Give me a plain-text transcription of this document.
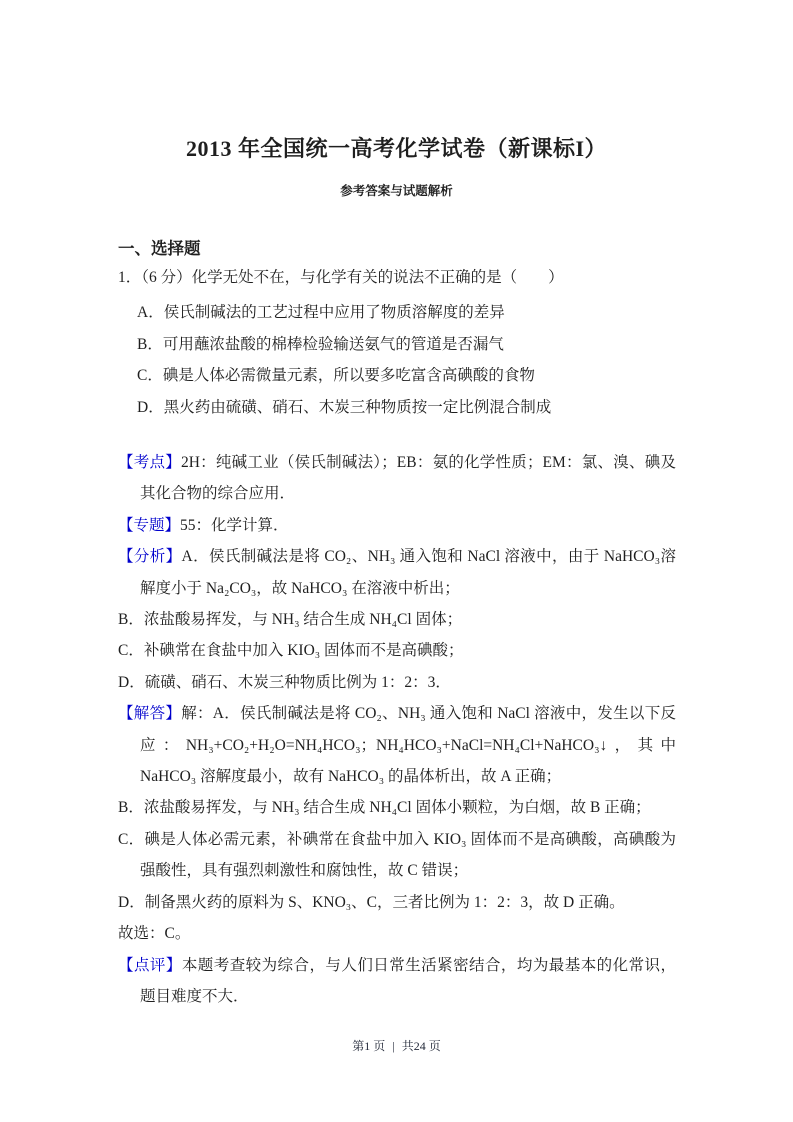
2013 年全国统一高考化学试卷（新课标I）
参考答案与试题解析
一、选择题

1．（6 分）化学无处不在，与化学有关的说法不正确的是（　　）

A．侯氏制碱法的工艺过程中应用了物质溶解度的差异

B．可用蘸浓盐酸的棉棒检验输送氨气的管道是否漏气

C．碘是人体必需微量元素，所以要多吃富含高碘酸的食物

D．黑火药由硫磺、硝石、木炭三种物质按一定比例混合制成

【考点】2H：纯碱工业（侯氏制碱法）；EB：氨的化学性质；EM：氯、溴、碘及其化合物的综合应用．

【专题】55：化学计算．

【分析】A．侯氏制碱法是将 CO₂、NH₃ 通入饱和 NaCl 溶液中，由于 NaHCO₃溶解度小于 Na₂CO₃，故 NaHCO₃ 在溶液中析出；

B．浓盐酸易挥发，与 NH₃ 结合生成 NH₄Cl 固体；

C．补碘常在食盐中加入 KIO₃ 固体而不是高碘酸；

D．硫磺、硝石、木炭三种物质比例为 1：2：3．

【解答】解：A．侯氏制碱法是将 CO₂、NH₃ 通入饱和 NaCl 溶液中，发生以下反应：NH₃+CO₂+H₂O=NH₄HCO₃；NH₄HCO₃+NaCl=NH₄Cl+NaHCO₃↓，其中 NaHCO₃ 溶解度最小，故有 NaHCO₃ 的晶体析出，故 A 正确；

B．浓盐酸易挥发，与 NH₃ 结合生成 NH₄Cl 固体小颗粒，为白烟，故 B 正确；

C．碘是人体必需元素，补碘常在食盐中加入 KIO₃ 固体而不是高碘酸，高碘酸为强酸性，具有强烈刺激性和腐蚀性，故 C 错误；

D．制备黑火药的原料为 S、KNO₃、C，三者比例为 1：2：3，故 D 正确。

故选：C。

【点评】本题考查较为综合，与人们日常生活紧密结合，均为最基本的化常识，题目难度不大．

第1 页 | 共24 页
